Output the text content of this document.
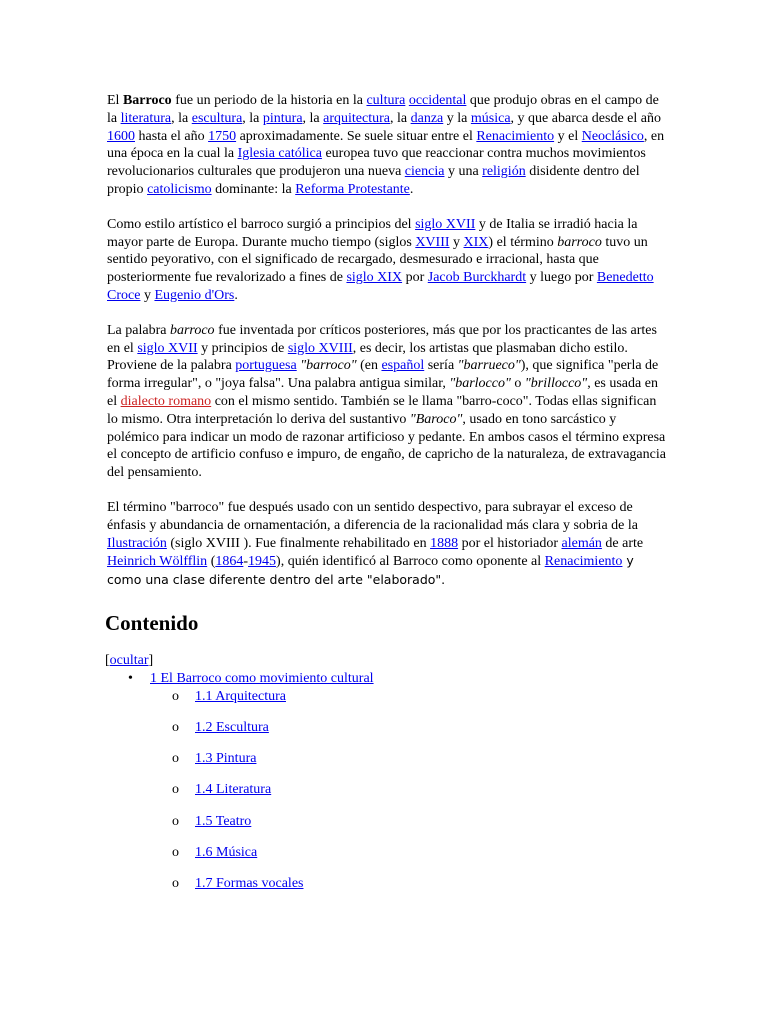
El Barroco fue un periodo de la historia en la cultura occidental que produjo obras en el campo de la literatura, la escultura, la pintura, la arquitectura, la danza y la música, y que abarca desde el año 1600 hasta el año 1750 aproximadamente. Se suele situar entre el Renacimiento y el Neoclásico, en una época en la cual la Iglesia católica europea tuvo que reaccionar contra muchos movimientos revolucionarios culturales que produjeron una nueva ciencia y una religión disidente dentro del propio catolicismo dominante: la Reforma Protestante.

Como estilo artístico el barroco surgió a principios del siglo XVII y de Italia se irradió hacia la mayor parte de Europa. Durante mucho tiempo (siglos XVIII y XIX) el término barroco tuvo un sentido peyorativo, con el significado de recargado, desmesurado e irracional, hasta que posteriormente fue revalorizado a fines de siglo XIX por Jacob Burckhardt y luego por Benedetto Croce y Eugenio d'Ors.

La palabra barroco fue inventada por críticos posteriores, más que por los practicantes de las artes en el siglo XVII y principios de siglo XVIII, es decir, los artistas que plasmaban dicho estilo. Proviene de la palabra portuguesa "barroco" (en español sería "barrueco"), que significa "perla de forma irregular", o "joya falsa". Una palabra antigua similar, "barlocco" o "brillocco", es usada en el dialecto romano con el mismo sentido. También se le llama "barro-coco". Todas ellas significan lo mismo. Otra interpretación lo deriva del sustantivo "Baroco", usado en tono sarcástico y polémico para indicar un modo de razonar artificioso y pedante. En ambos casos el término expresa el concepto de artificio confuso e impuro, de engaño, de capricho de la naturaleza, de extravagancia del pensamiento.

El término "barroco" fue después usado con un sentido despectivo, para subrayar el exceso de énfasis y abundancia de ornamentación, a diferencia de la racionalidad más clara y sobria de la Ilustración (siglo XVIII ). Fue finalmente rehabilitado en 1888 por el historiador alemán de arte Heinrich Wölfflin (1864-1945), quién identificó al Barroco como oponente al Renacimiento y como una clase diferente dentro del arte "elaborado".

Contenido
[ocultar]
• 1 El Barroco como movimiento cultural
o 1.1 Arquitectura
o 1.2 Escultura
o 1.3 Pintura
o 1.4 Literatura
o 1.5 Teatro
o 1.6 Música
o 1.7 Formas vocales
